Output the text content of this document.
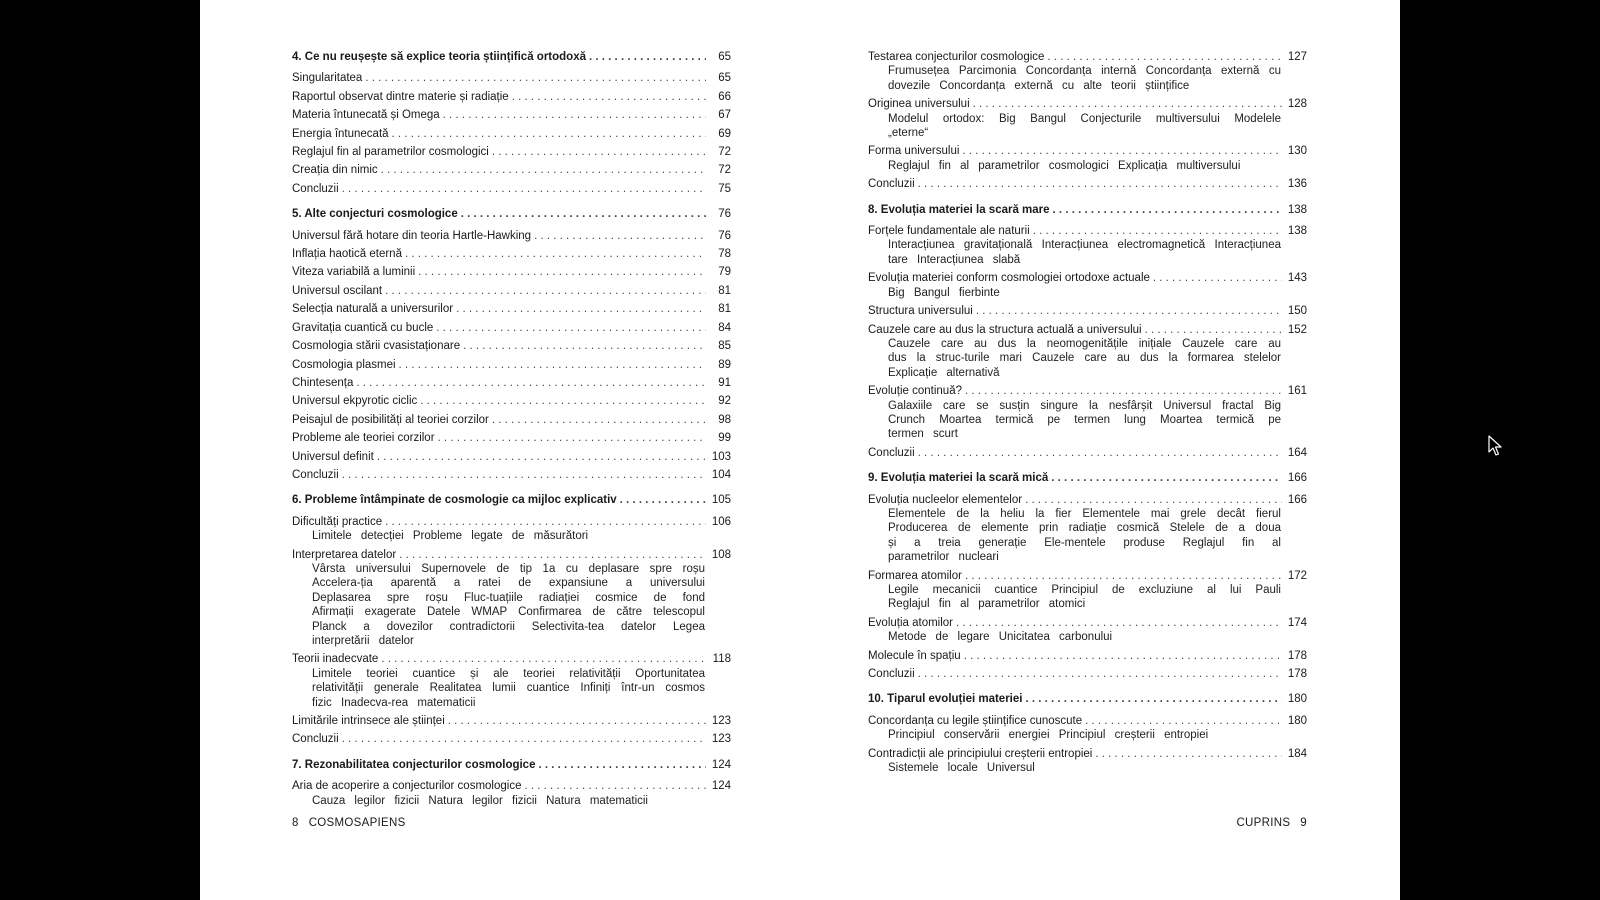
4. Ce nu reușește să explice teoria științifică ortodoxă . . .	65
Singularitatea . . .	65
Raportul observat dintre materie și radiație . . .	66
Materia întunecată și Omega . . .	67
Energia întunecată . . .	69
Reglajul fin al parametrilor cosmologici . . .	72
Creația din nimic . . .	72
Concluzii . . .	75
5. Alte conjecturi cosmologice . . .	76
Universul fără hotare din teoria Hartle-Hawking . . .	76
Inflația haotică eternă . . .	78
Viteza variabilă a luminii . . .	79
Universul oscilant . . .	81
Selecția naturală a universurilor . . .	81
Gravitația cuantică cu bucle . . .	84
Cosmologia stării cvasistaționare . . .	85
Cosmologia plasmei . . .	89
Chintesența . . .	91
Universul ekpyrotic ciclic . . .	92
Peisajul de posibilități al teoriei corzilor . . .	98
Probleme ale teoriei corzilor . . .	99
Universul definit . . .	103
Concluzii . . .	104
6. Probleme întâmpinate de cosmologie ca mijloc explicativ . . .	105
Dificultăți practice . . .	106
Limitele detecției Probleme legate de măsurători
Interpretarea datelor . . .	108
Vârsta universului Supernovele de tip 1a cu deplasare spre roșu Accelera-ția aparentă a ratei de expansiune a universului Deplasarea spre roșu Fluc-tuațiile radiației cosmice de fond Afirmații exagerate Datele WMAP Confirmarea de către telescopul Planck a dovezilor contradictorii Selectivita-tea datelor Legea interpretării datelor
Teorii inadecvate . . .	118
Limitele teoriei cuantice și ale teoriei relativității Oportunitatea relativității generale Realitatea lumii cuantice Infiniți într-un cosmos fizic Inadecva-rea matematicii
Limitările intrinsece ale științei . . .	123
Concluzii . . .	123
7. Rezonabilitatea conjecturilor cosmologice . . .	124
Aria de acoperire a conjecturilor cosmologice . . .	124
Cauza legilor fizicii Natura legilor fizicii Natura matematicii
Testarea conjecturilor cosmologice . . .	127
Frumusețea Parcimonia Concordanța internă Concordanța externă cu dovezile Concordanța externă cu alte teorii științifice
Originea universului . . .	128
Modelul ortodox: Big Bangul Conjecturile multiversului Modelele „eterne“
Forma universului . . .	130
Reglajul fin al parametrilor cosmologici Explicația multiversului
Concluzii . . .	136
8. Evoluția materiei la scară mare . . .	138
Forțele fundamentale ale naturii . . .	138
Interacțiunea gravitațională Interacțiunea electromagnetică Interacțiunea tare Interacțiunea slabă
Evoluția materiei conform cosmologiei ortodoxe actuale . . .	143
Big Bangul fierbinte
Structura universului . . .	150
Cauzele care au dus la structura actuală a universului . . .	152
Cauzele care au dus la neomogenitățile inițiale Cauzele care au dus la struc-turile mari Cauzele care au dus la formarea stelelor Explicație alternativă
Evoluție continuă? . . .	161
Galaxiile care se susțin singure la nesfârșit Universul fractal Big Crunch Moartea termică pe termen lung Moartea termică pe termen scurt
Concluzii . . .	164
9. Evoluția materiei la scară mică . . .	166
Evoluția nucleelor elementelor . . .	166
Elementele de la heliu la fier Elementele mai grele decât fierul Producerea de elemente prin radiație cosmică Stelele de a doua și a treia generație Ele-mentele produse Reglajul fin al parametrilor nucleari
Formarea atomilor . . .	172
Legile mecanicii cuantice Principiul de excluziune al lui Pauli Reglajul fin al parametrilor atomici
Evoluția atomilor . . .	174
Metode de legare Unicitatea carbonului
Molecule în spațiu . . .	178
Concluzii . . .	178
10. Tiparul evoluției materiei . . .	180
Concordanța cu legile științifice cunoscute . . .	180
Principiul conservării energiei Principiul creșterii entropiei
Contradicții ale principiului creșterii entropiei . . .	184
Sistemele locale Universul
8 COSMOSAPIENS	CUPRINS 9
